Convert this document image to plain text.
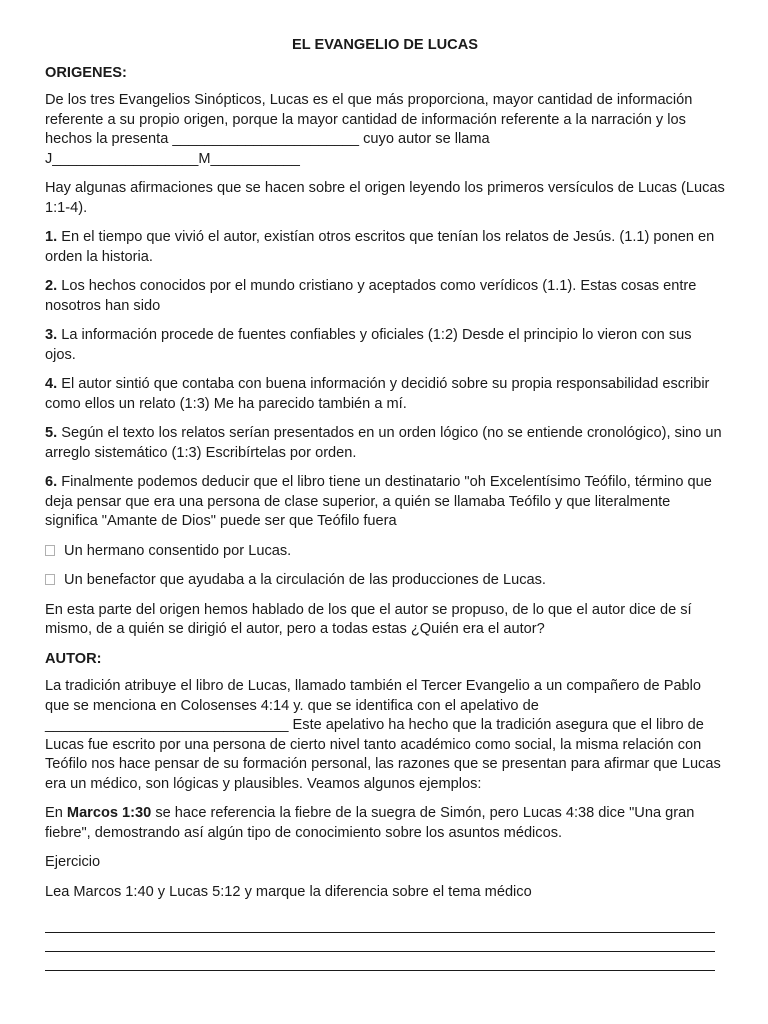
EL EVANGELIO DE LUCAS
ORIGENES:

De los tres Evangelios Sinópticos, Lucas es el que más proporciona, mayor cantidad de información referente a su propio origen, porque la mayor cantidad de información referente a la narración y los hechos la presenta _______________________ cuyo autor se llama J__________________M___________

Hay algunas afirmaciones que se hacen sobre el origen leyendo los primeros versículos de Lucas (Lucas 1:1-4).

1. En el tiempo que vivió el autor, existían otros escritos que tenían los relatos de Jesús. (1.1) ponen en orden la historia.

2. Los hechos conocidos por el mundo cristiano y aceptados como verídicos (1.1). Estas cosas entre nosotros han sido

3. La información procede de fuentes confiables y oficiales (1:2) Desde el principio lo vieron con sus ojos.

4. El autor sintió que contaba con buena información y decidió sobre su propia responsabilidad escribir como ellos un relato (1:3) Me ha parecido también a mí.

5. Según el texto los relatos serían presentados en un orden lógico (no se entiende cronológico), sino un arreglo sistemático (1:3) Escribírtelas por orden.

6. Finalmente podemos deducir que el libro tiene un destinatario "oh Excelentísimo Teófilo, término que deja pensar que era una persona de clase superior, a quién se llamaba Teófilo y que literalmente significa "Amante de Dios" puede ser que Teófilo fuera

Un hermano consentido por Lucas.

Un benefactor que ayudaba a la circulación de las producciones de Lucas.

En esta parte del origen hemos hablado de los que el autor se propuso, de lo que el autor dice de sí mismo, de a quién se dirigió el autor, pero a todas estas ¿Quién era el autor?

AUTOR:

La tradición atribuye el libro de Lucas, llamado también el Tercer Evangelio a un compañero de Pablo que se menciona en Colosenses 4:14 y. que se identifica con el apelativo de ______________________________ Este apelativo ha hecho que la tradición asegura que el libro de Lucas fue escrito por una persona de cierto nivel tanto académico como social, la misma relación con Teófilo nos hace pensar de su formación personal, las razones que se presentan para afirmar que Lucas era un médico, son lógicas y plausibles. Veamos algunos ejemplos:

En Marcos 1:30 se hace referencia la fiebre de la suegra de Simón, pero Lucas 4:38 dice "Una gran fiebre", demostrando así algún tipo de conocimiento sobre los asuntos médicos.

Ejercicio

Lea Marcos 1:40 y Lucas 5:12 y marque la diferencia sobre el tema médico
